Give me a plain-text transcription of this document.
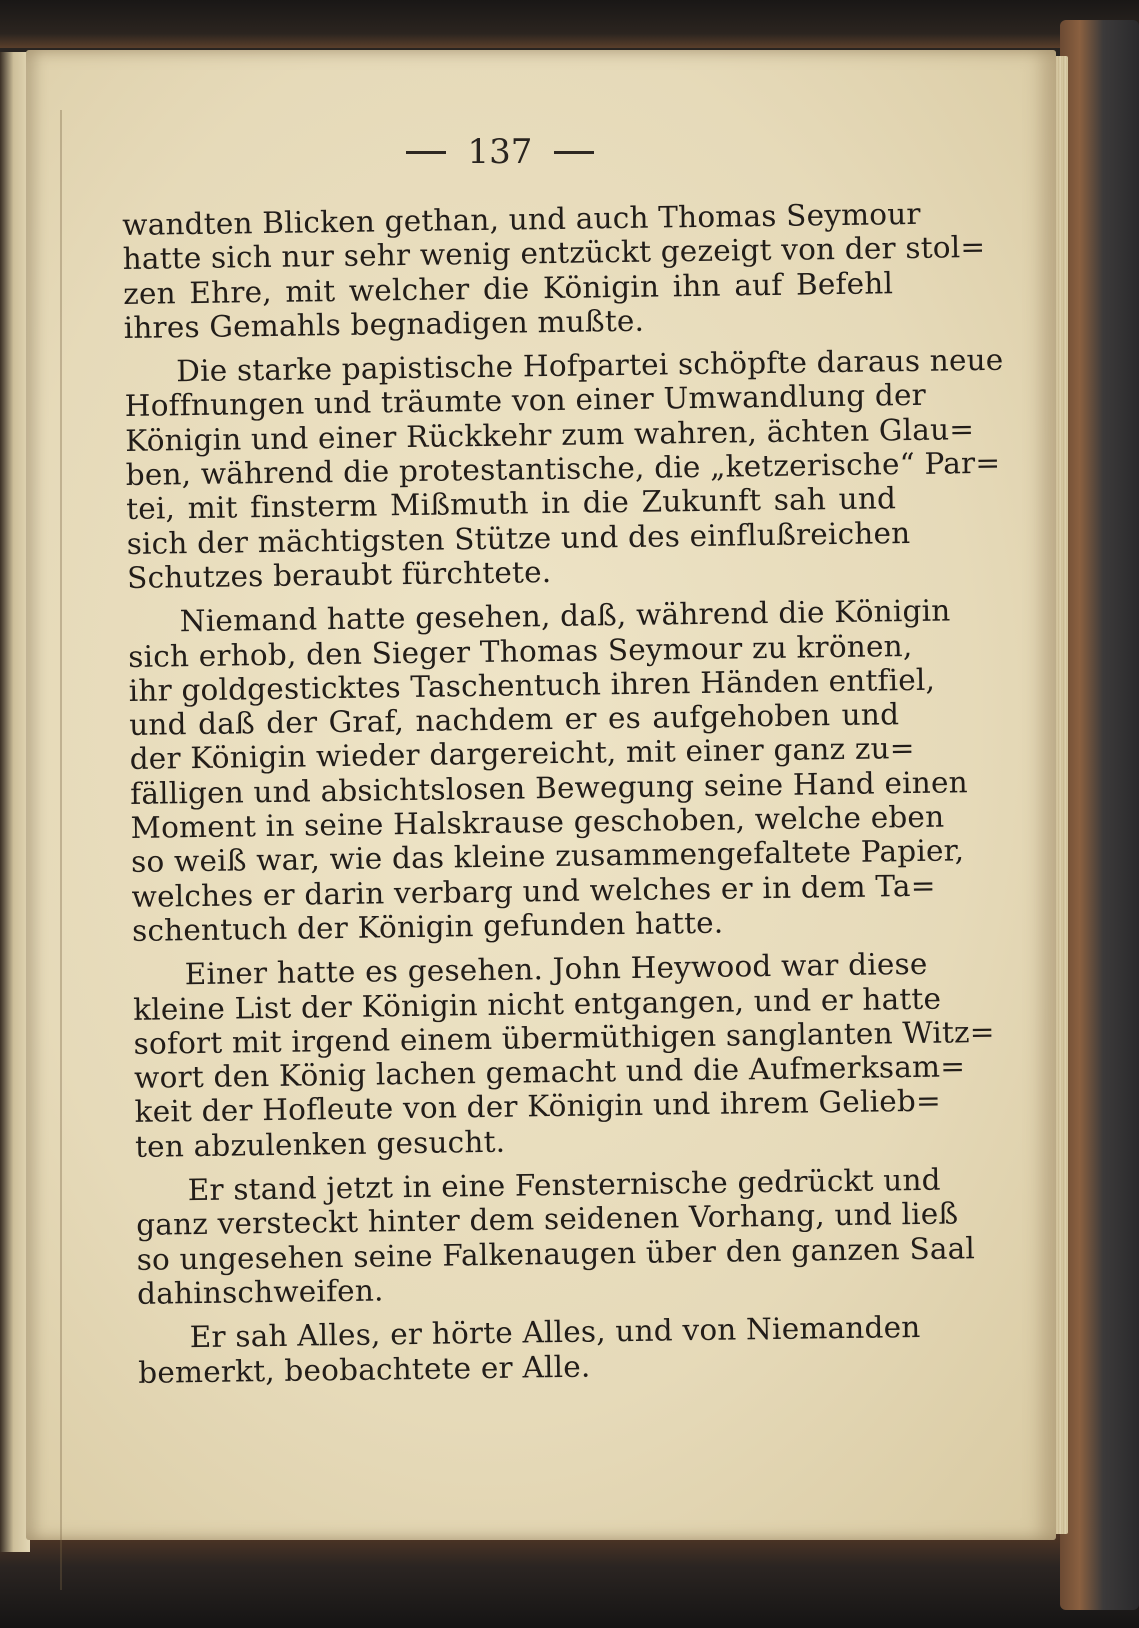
137
wandten Blicken gethan, und auch Thomas Seymour
hatte sich nur sehr wenig entzückt gezeigt von der stol=
zen Ehre, mit welcher die Königin ihn auf Befehl
ihres Gemahls begnadigen mußte.
Die starke papistische Hofpartei schöpfte daraus neue
Hoffnungen und träumte von einer Umwandlung der
Königin und einer Rückkehr zum wahren, ächten Glau=
ben, während die protestantische, die „ketzerische“ Par=
tei, mit finsterm Mißmuth in die Zukunft sah und
sich der mächtigsten Stütze und des einflußreichen
Schutzes beraubt fürchtete.
Niemand hatte gesehen, daß, während die Königin
sich erhob, den Sieger Thomas Seymour zu krönen,
ihr goldgesticktes Taschentuch ihren Händen entfiel,
und daß der Graf, nachdem er es aufgehoben und
der Königin wieder dargereicht, mit einer ganz zu=
fälligen und absichtslosen Bewegung seine Hand einen
Moment in seine Halskrause geschoben, welche eben
so weiß war, wie das kleine zusammengefaltete Papier,
welches er darin verbarg und welches er in dem Ta=
schentuch der Königin gefunden hatte.
Einer hatte es gesehen. John Heywood war diese
kleine List der Königin nicht entgangen, und er hatte
sofort mit irgend einem übermüthigen sanglanten Witz=
wort den König lachen gemacht und die Aufmerksam=
keit der Hofleute von der Königin und ihrem Gelieb=
ten abzulenken gesucht.
Er stand jetzt in eine Fensternische gedrückt und
ganz versteckt hinter dem seidenen Vorhang, und ließ
so ungesehen seine Falkenaugen über den ganzen Saal
dahinschweifen.
Er sah Alles, er hörte Alles, und von Niemanden
bemerkt, beobachtete er Alle.
